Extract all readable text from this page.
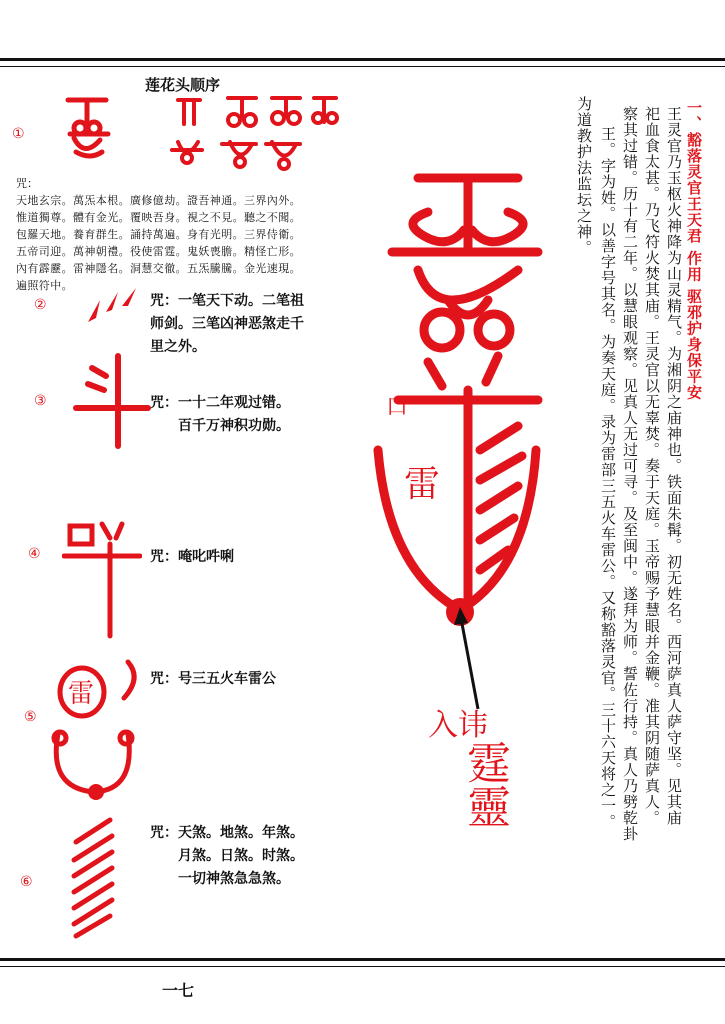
莲花头顺序
①
咒：
天地玄宗。萬炁本根。廣修億劫。證吾神通。三界內外。
惟道獨尊。體有金光。覆映吾身。視之不見。聽之不聞。
包羅天地。養育群生。誦持萬遍。身有光明。三界侍衛。
五帝司迎。萬神朝禮。役使雷霆。鬼妖喪膽。精怪亡形。
內有霹靂。雷神隱名。洞慧交徹。五炁騰騰。金光速現。
遍照符中。
②	咒：一笔天下动。二笔祖
师剑。三笔凶神恶煞走千
里之外。
③	咒：一十二年观过错。
　　百千万神积功勋。
④	咒：唵叱吽唎
⑤
雷	咒：号三五火车雷公
⑥
咒：天煞。地煞。年煞。
　　月煞。日煞。时煞。
　　一切神煞急急煞。
雷
口
入讳
霆靈
一、豁落灵官王天君 作用 驱邪护身保平安
王灵官乃玉枢火神降为山灵精气。为湘阴之庙神也。铁面朱髯。初无姓名。西河萨真人萨守坚。见其庙
祀血食太甚。乃飞符火焚其庙。王灵官以无辜焚。奏于天庭。玉帝赐予慧眼并金鞭。准其阴随萨真人。
察其过错。历十有二年。以慧眼观察。见真人无过可寻。及至闽中。遂拜为师。誓佐行持。真人乃劈乾卦
王。字为姓。以善字号其名。为奏天庭。录为雷部三五火车雷公。又称豁落灵官。三十六天将之一。
为道教护法监坛之神。
一七
